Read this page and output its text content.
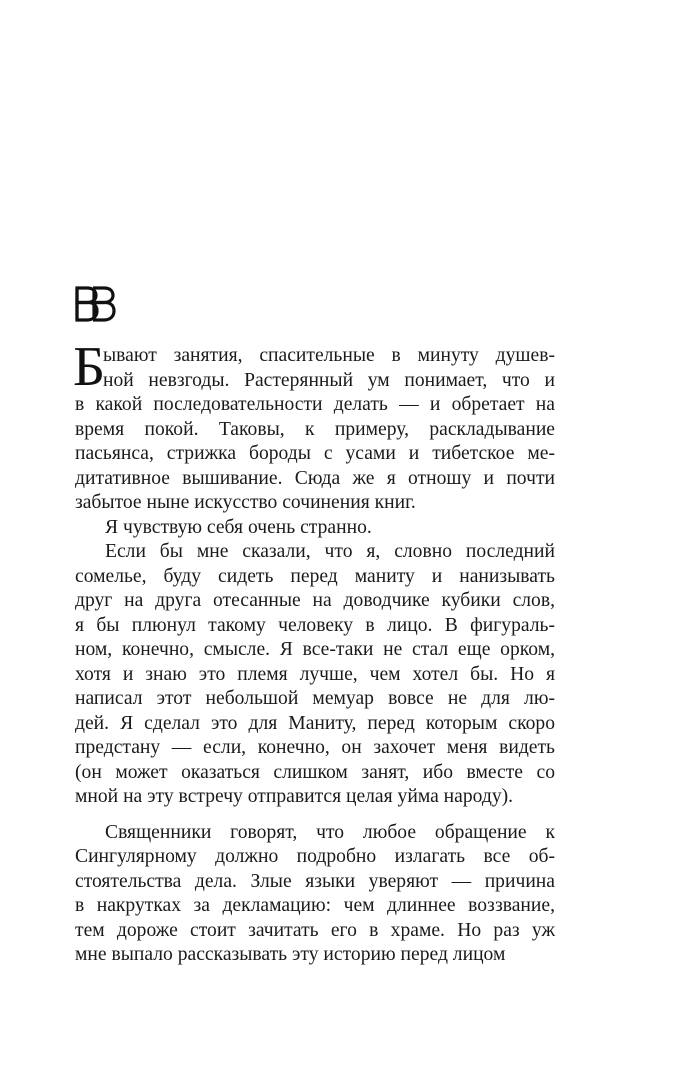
Б
ывают занятия, спасительные в минуту душев-
ной невзгоды. Растерянный ум понимает, что и
в какой последовательности делать — и обретает на
время покой. Таковы, к примеру, раскладывание
пасьянса, стрижка бороды с усами и тибетское ме-
дитативное вышивание. Сюда же я отношу и почти
забытое ныне искусство сочинения книг.
Я чувствую себя очень странно.
Если бы мне сказали, что я, словно последний
сомелье, буду сидеть перед маниту и нанизывать
друг на друга отесанные на доводчике кубики слов,
я бы плюнул такому человеку в лицо. В фигураль-
ном, конечно, смысле. Я все-таки не стал еще орком,
хотя и знаю это племя лучше, чем хотел бы. Но я
написал этот небольшой мемуар вовсе не для лю-
дей. Я сделал это для Маниту, перед которым скоро
предстану — если, конечно, он захочет меня видеть
(он может оказаться слишком занят, ибо вместе со
мной на эту встречу отправится целая уйма народу).
Священники говорят, что любое обращение к
Сингулярному должно подробно излагать все об-
стоятельства дела. Злые языки уверяют — причина
в накрутках за декламацию: чем длиннее воззвание,
тем дороже стоит зачитать его в храме. Но раз уж
мне выпало рассказывать эту историю перед лицом
